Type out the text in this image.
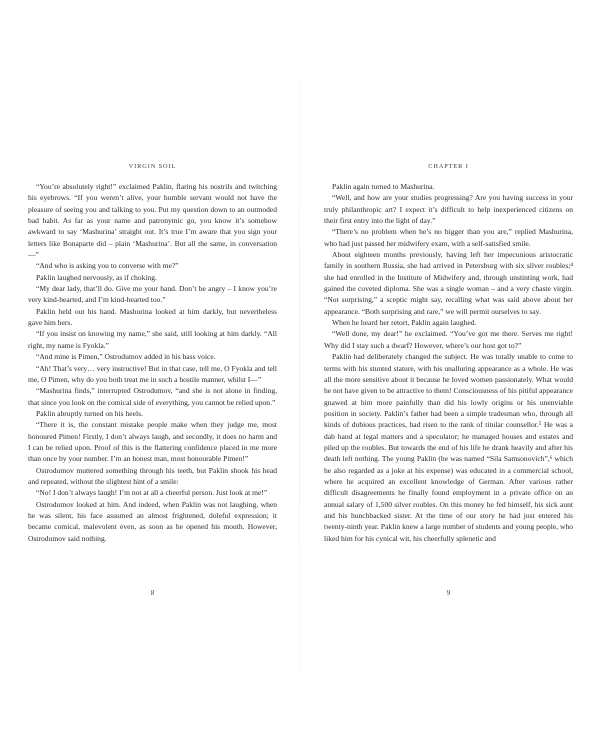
VIRGIN SOIL

“You’re absolutely right!” exclaimed Paklin, flaring his nostrils and twitching his eyebrows. “If you weren’t alive, your humble servant would not have the pleasure of seeing you and talking to you. Put my question down to an outmoded bad habit. As far as your name and patronymic go, you know it’s somehow awkward to say ‘Mashurina’ straight out. It’s true I’m aware that you sign your letters like Bonaparte did – plain ‘Mashurina’. But all the same, in conversation—”

“And who is asking you to converse with me?”

Paklin laughed nervously, as if choking.

“My dear lady, that’ll do. Give me your hand. Don’t be angry – I know you’re very kind-hearted, and I’m kind-hearted too.”

Paklin held out his hand. Mashurina looked at him darkly, but nevertheless gave him hers.

“If you insist on knowing my name,” she said, still looking at him darkly. “All right, my name is Fyokla.”

“And mine is Pimen,” Ostrodumov added in his bass voice.

“Ah! That’s very… very instructive! But in that case, tell me, O Fyokla and tell me, O Pimen, why do you both treat me in such a hostile manner, whilst I—”

“Mashurina finds,” interrupted Ostrodumov, “and she is not alone in finding, that since you look on the comical side of everything, you cannot be relied upon.”

Paklin abruptly turned on his heels.

“There it is, the constant mistake people make when they judge me, most honoured Pimen! Firstly, I don’t always laugh, and secondly, it does no harm and I can be relied upon. Proof of this is the flattering confidence placed in me more than once by your number. I’m an honest man, most honourable Pimen!”

Ostrodumov muttered something through his teeth, but Paklin shook his head and repeated, without the slightest hint of a smile:

“No! I don’t always laugh! I’m not at all a cheerful person. Just look at me!”

Ostrodumov looked at him. And indeed, when Paklin was not laughing, when he was silent, his face assumed an almost frightened, doleful expression; it became comical, malevolent even, as soon as he opened his mouth. However, Ostrodumov said nothing.

CHAPTER I

Paklin again turned to Mashurina.

“Well, and how are your studies progressing? Are you having success in your truly philanthropic art? I expect it’s difficult to help inexperienced citizens on their first entry into the light of day.”

“There’s no problem when he’s no bigger than you are,” replied Mashurina, who had just passed her midwifery exam, with a self-satisfied smile.

About eighteen months previously, having left her impecunious aristocratic family in southern Russia, she had arrived in Petersburg with six silver roubles;⁴ she had enrolled in the Institute of Midwifery and, through unstinting work, had gained the coveted diploma. She was a single woman – and a very chaste virgin. “Not surprising,” a sceptic might say, recalling what was said above about her appearance. “Both surprising and rare,” we will permit ourselves to say.

When he heard her retort, Paklin again laughed.

“Well done, my dear!” he exclaimed. “You’ve got me there. Serves me right! Why did I stay such a dwarf? However, where’s our host got to?”

Paklin had deliberately changed the subject. He was totally unable to come to terms with his stunted stature, with his unalluring appearance as a whole. He was all the more sensitive about it because he loved women passionately. What would he not have given to be attractive to them! Consciousness of his pitiful appearance gnawed at him more painfully than did his lowly origins or his unenviable position in society. Paklin’s father had been a simple tradesman who, through all kinds of dubious practices, had risen to the rank of titular counsellor.⁵ He was a dab hand at legal matters and a speculator; he managed houses and estates and piled up the roubles. But towards the end of his life he drank heavily and after his death left nothing. The young Paklin (he was named “Sila Samsonovich”,⁶ which he also regarded as a joke at his expense) was educated in a commercial school, where he acquired an excellent knowledge of German. After various rather difficult disagreements he finally found employment in a private office on an annual salary of 1,500 silver roubles. On this money he fed himself, his sick aunt and his hunchbacked sister. At the time of our story he had just entered his twenty-ninth year. Paklin knew a large number of students and young people, who liked him for his cynical wit, his cheerfully splenetic and

8	9
